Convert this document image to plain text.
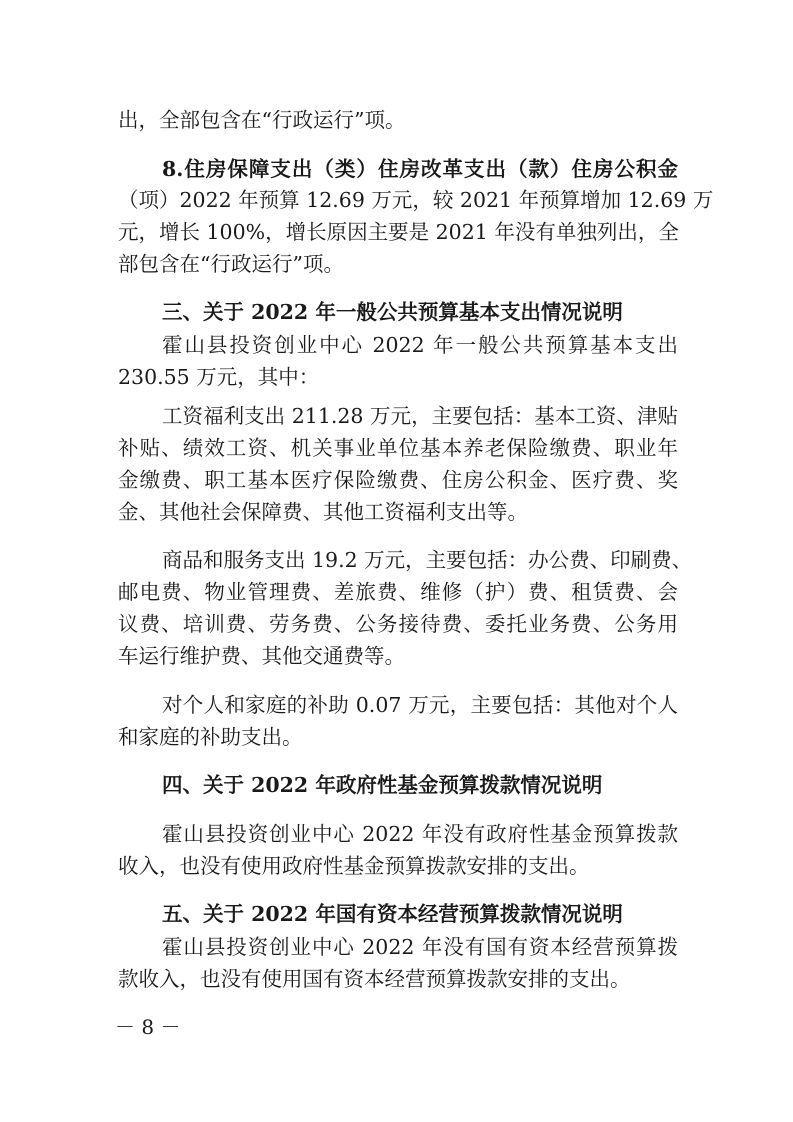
出，全部包含在“行政运行”项。
8.住房保障支出（类）住房改革支出（款）住房公积金
（项）2022 年预算 12.69 万元，较 2021 年预算增加 12.69 万
元，增长 100%，增长原因主要是 2021 年没有单独列出，全
部包含在“行政运行”项。
三、关于 2022 年一般公共预算基本支出情况说明
霍山县投资创业中心 2022 年一般公共预算基本支出
230.55 万元，其中：
工资福利支出 211.28 万元，主要包括：基本工资、津贴
补贴、绩效工资、机关事业单位基本养老保险缴费、职业年
金缴费、职工基本医疗保险缴费、住房公积金、医疗费、奖
金、其他社会保障费、其他工资福利支出等。
商品和服务支出 19.2 万元，主要包括：办公费、印刷费、
邮电费、物业管理费、差旅费、维修（护）费、租赁费、会
议费、培训费、劳务费、公务接待费、委托业务费、公务用
车运行维护费、其他交通费等。
对个人和家庭的补助 0.07 万元，主要包括：其他对个人
和家庭的补助支出。
四、关于 2022 年政府性基金预算拨款情况说明
霍山县投资创业中心 2022 年没有政府性基金预算拨款
收入，也没有使用政府性基金预算拨款安排的支出。
五、关于 2022 年国有资本经营预算拨款情况说明
霍山县投资创业中心 2022 年没有国有资本经营预算拨
款收入，也没有使用国有资本经营预算拨款安排的支出。
－ 8 －
